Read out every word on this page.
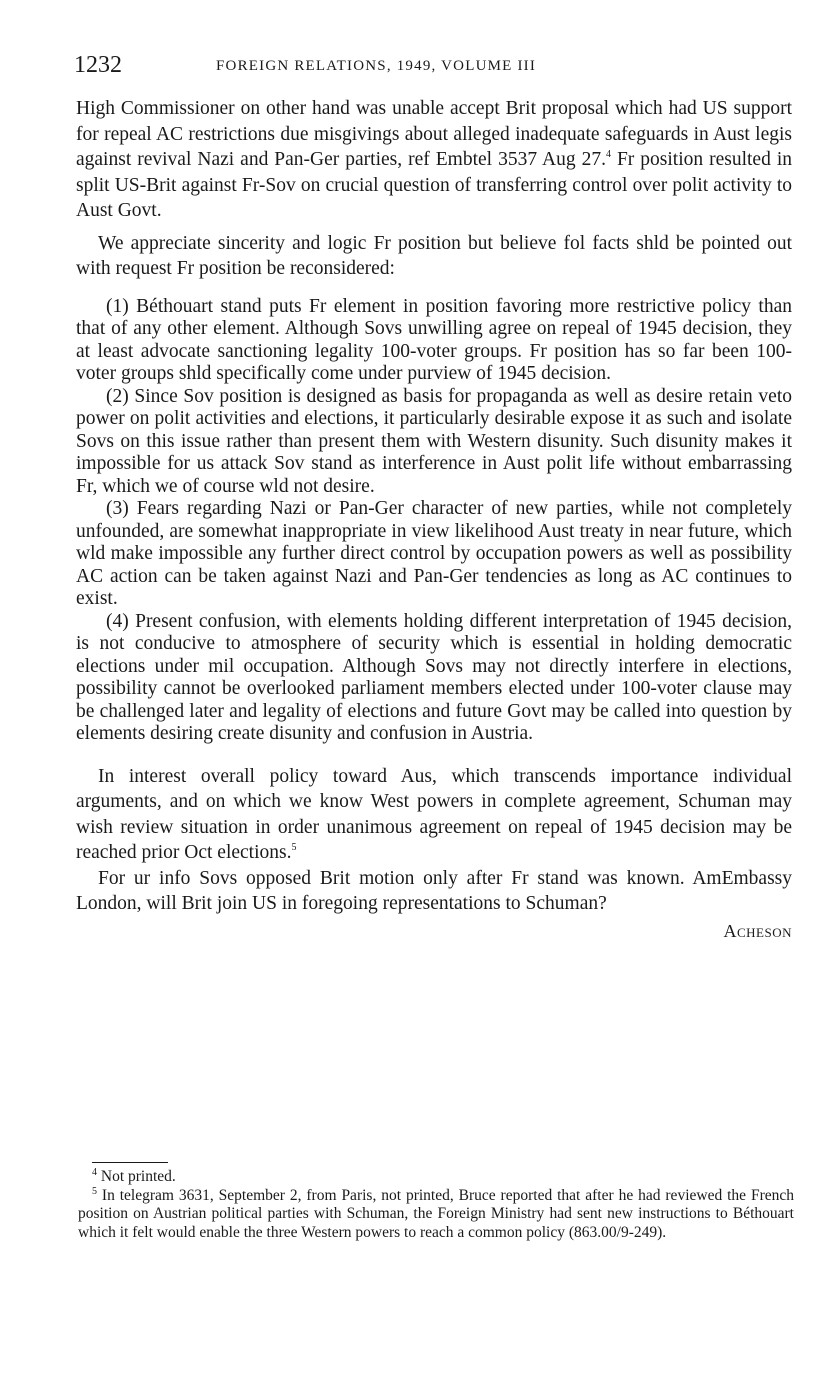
1232	FOREIGN RELATIONS, 1949, VOLUME III

High Commissioner on other hand was unable accept Brit proposal which had US support for repeal AC restrictions due misgivings about alleged inadequate safeguards in Aust legis against revival Nazi and Pan-Ger parties, ref Embtel 3537 Aug 27.$^4$ Fr position resulted in split US-Brit against Fr-Sov on crucial question of transferring control over polit activity to Aust Govt.

We appreciate sincerity and logic Fr position but believe fol facts shld be pointed out with request Fr position be reconsidered:

(1) Béthouart stand puts Fr element in position favoring more restrictive policy than that of any other element. Although Sovs unwilling agree on repeal of 1945 decision, they at least advocate sanctioning legality 100-voter groups. Fr position has so far been 100-voter groups shld specifically come under purview of 1945 decision.

(2) Since Sov position is designed as basis for propaganda as well as desire retain veto power on polit activities and elections, it particularly desirable expose it as such and isolate Sovs on this issue rather than present them with Western disunity. Such disunity makes it impossible for us attack Sov stand as interference in Aust polit life without embarrassing Fr, which we of course wld not desire.

(3) Fears regarding Nazi or Pan-Ger character of new parties, while not completely unfounded, are somewhat inappropriate in view likelihood Aust treaty in near future, which wld make impossible any further direct control by occupation powers as well as possibility AC action can be taken against Nazi and Pan-Ger tendencies as long as AC continues to exist.

(4) Present confusion, with elements holding different interpretation of 1945 decision, is not conducive to atmosphere of security which is essential in holding democratic elections under mil occupation. Although Sovs may not directly interfere in elections, possibility cannot be overlooked parliament members elected under 100-voter clause may be challenged later and legality of elections and future Govt may be called into question by elements desiring create disunity and confusion in Austria.

In interest overall policy toward Aus, which transcends importance individual arguments, and on which we know West powers in complete agreement, Schuman may wish review situation in order unanimous agreement on repeal of 1945 decision may be reached prior Oct elections.$^5$

For ur info Sovs opposed Brit motion only after Fr stand was known. AmEmbassy London, will Brit join US in foregoing representations to Schuman?

Acheson

$^4$ Not printed.

$^5$ In telegram 3631, September 2, from Paris, not printed, Bruce reported that after he had reviewed the French position on Austrian political parties with Schuman, the Foreign Ministry had sent new instructions to Béthouart which it felt would enable the three Western powers to reach a common policy (863.00/9-249).
